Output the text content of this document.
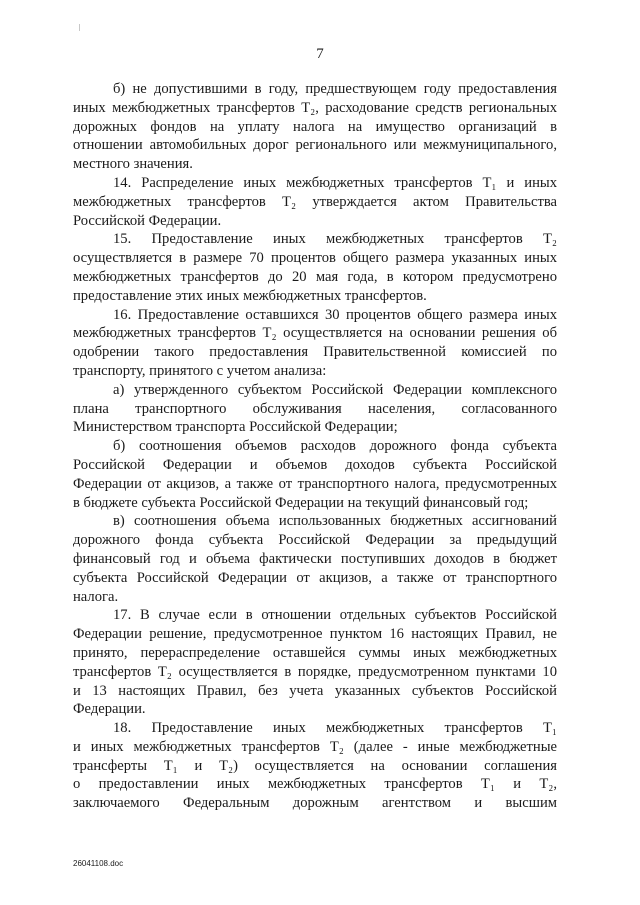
7
б) не допустившими в году, предшествующем году предоставления
иных межбюджетных трансфертов Т₂, расходование средств региональных
дорожных фондов на уплату налога на имущество организаций в
отношении автомобильных дорог регионального или межмуниципального,
местного значения.
14. Распределение иных межбюджетных трансфертов Т₁ и иных
межбюджетных трансфертов Т₂ утверждается актом Правительства
Российской Федерации.
15. Предоставление иных межбюджетных трансфертов Т₂
осуществляется в размере 70 процентов общего размера указанных иных
межбюджетных трансфертов до 20 мая года, в котором предусмотрено
предоставление этих иных межбюджетных трансфертов.
16. Предоставление оставшихся 30 процентов общего размера иных
межбюджетных трансфертов Т₂ осуществляется на основании решения об
одобрении такого предоставления Правительственной комиссией по
транспорту, принятого с учетом анализа:
а) утвержденного субъектом Российской Федерации комплексного
плана транспортного обслуживания населения, согласованного
Министерством транспорта Российской Федерации;
б) соотношения объемов расходов дорожного фонда субъекта
Российской Федерации и объемов доходов субъекта Российской
Федерации от акцизов, а также от транспортного налога, предусмотренных
в бюджете субъекта Российской Федерации на текущий финансовый год;
в) соотношения объема использованных бюджетных ассигнований
дорожного фонда субъекта Российской Федерации за предыдущий
финансовый год и объема фактически поступивших доходов в бюджет
субъекта Российской Федерации от акцизов, а также от транспортного
налога.
17. В случае если в отношении отдельных субъектов Российской
Федерации решение, предусмотренное пунктом 16 настоящих Правил, не
принято, перераспределение оставшейся суммы иных межбюджетных
трансфертов Т₂ осуществляется в порядке, предусмотренном пунктами 10
и 13 настоящих Правил, без учета указанных субъектов Российской
Федерации.
18. Предоставление иных межбюджетных трансфертов Т₁
и иных межбюджетных трансфертов Т₂ (далее - иные межбюджетные
трансферты Т₁ и Т₂) осуществляется на основании соглашения
о предоставлении иных межбюджетных трансфертов Т₁ и Т₂,
заключаемого Федеральным дорожным агентством и высшим
26041108.doc
